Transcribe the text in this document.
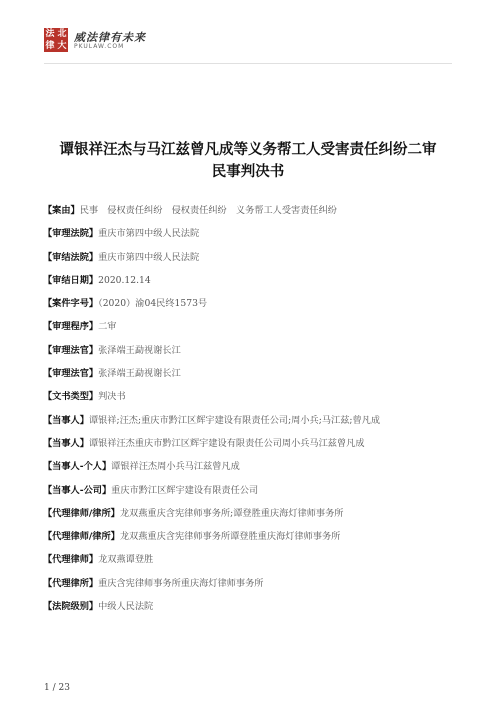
法 北
律 大
威法律有未来
PKULAW.COM
谭银祥汪杰与马江兹曾凡成等义务帮工人受害责任纠纷二审
民事判决书
【案由】民事　侵权责任纠纷　侵权责任纠纷　义务帮工人受害责任纠纷
【审理法院】重庆市第四中级人民法院
【审结法院】重庆市第四中级人民法院
【审结日期】2020.12.14
【案件字号】（2020）渝04民终1573号
【审理程序】二审
【审理法官】张泽端王勐视谢长江
【审理法官】张泽端王勐视谢长江
【文书类型】判决书
【当事人】谭银祥;汪杰;重庆市黔江区辉宇建设有限责任公司;周小兵;马江兹;曾凡成
【当事人】谭银祥汪杰重庆市黔江区辉宇建设有限责任公司周小兵马江兹曾凡成
【当事人-个人】谭银祥汪杰周小兵马江兹曾凡成
【当事人-公司】重庆市黔江区辉宇建设有限责任公司
【代理律师/律所】龙双燕重庆含宪律师事务所;谭登胜重庆海灯律师事务所
【代理律师/律所】龙双燕重庆含宪律师事务所谭登胜重庆海灯律师事务所
【代理律师】龙双燕谭登胜
【代理律所】重庆含宪律师事务所重庆海灯律师事务所
【法院级别】中级人民法院
1 / 23
